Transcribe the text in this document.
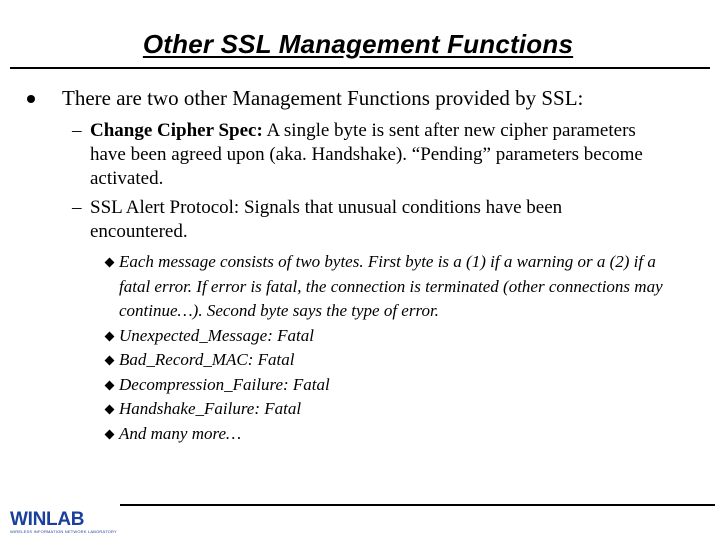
Other SSL Management Functions
There are two other Management Functions provided by SSL:
– Change Cipher Spec: A single byte is sent after new cipher parameters have been agreed upon (aka. Handshake). “Pending” parameters become activated.
– SSL Alert Protocol: Signals that unusual conditions have been encountered.
Each message consists of two bytes. First byte is a (1) if a warning or a (2) if a fatal error. If error is fatal, the connection is terminated (other connections may continue…). Second byte says the type of error.
Unexpected_Message: Fatal
Bad_Record_MAC: Fatal
Decompression_Failure: Fatal
Handshake_Failure: Fatal
And many more…
WINLAB
WIRELESS INFORMATION NETWORK LABORATORY
